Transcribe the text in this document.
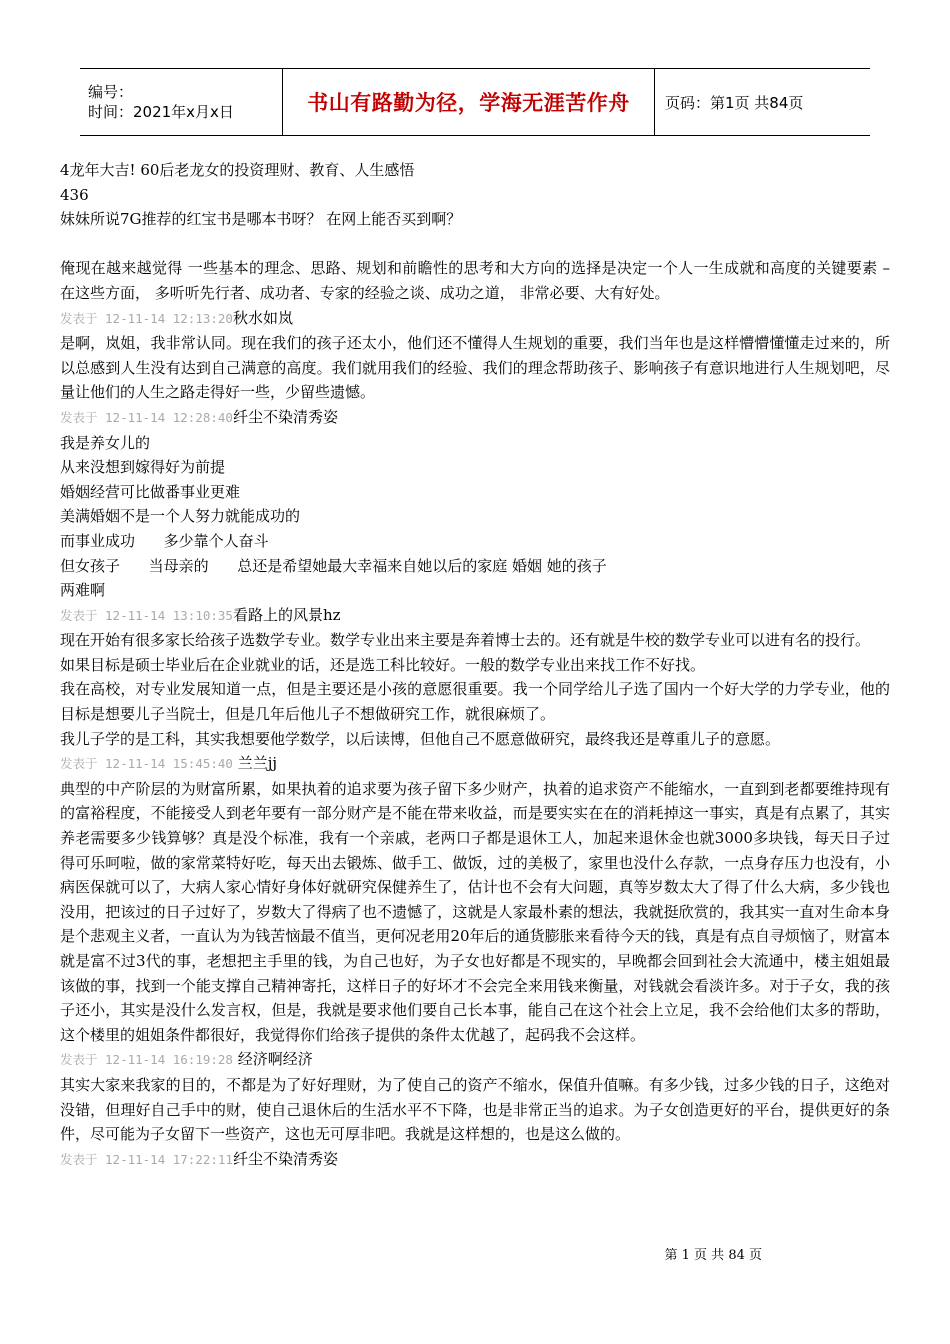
编号：
时间：2021年x月x日	书山有路勤为径，学海无涯苦作舟	页码：第1页 共84页

4龙年大吉! 60后老龙女的投资理财、教育、人生感悟

436

妹妹所说7G推荐的红宝书是哪本书呀？ 在网上能否买到啊？

俺现在越来越觉得 一些基本的理念、思路、规划和前瞻性的思考和大方向的选择是决定一个人一生成就和高度的关键要素 – 在这些方面， 多听听先行者、成功者、专家的经验之谈、成功之道， 非常必要、大有好处。

发表于 12-11-14 12:13:20秋水如岚

是啊，岚姐，我非常认同。现在我们的孩子还太小，他们还不懂得人生规划的重要，我们当年也是这样懵懵懂懂走过来的，所以总感到人生没有达到自己满意的高度。我们就用我们的经验、我们的理念帮助孩子、影响孩子有意识地进行人生规划吧，尽量让他们的人生之路走得好一些，少留些遗憾。

发表于 12-11-14 12:28:40纤尘不染清秀姿

我是养女儿的

从来没想到嫁得好为前提

婚姻经营可比做番事业更难

美满婚姻不是一个人努力就能成功的

而事业成功      多少靠个人奋斗

但女孩子      当母亲的      总还是希望她最大幸福来自她以后的家庭 婚姻 她的孩子

两难啊

发表于 12-11-14 13:10:35看路上的风景hz

现在开始有很多家长给孩子选数学专业。数学专业出来主要是奔着博士去的。还有就是牛校的数学专业可以进有名的投行。

如果目标是硕士毕业后在企业就业的话，还是选工科比较好。一般的数学专业出来找工作不好找。

我在高校，对专业发展知道一点，但是主要还是小孩的意愿很重要。我一个同学给儿子选了国内一个好大学的力学专业，他的目标是想要儿子当院士，但是几年后他儿子不想做研究工作，就很麻烦了。

我儿子学的是工科，其实我想要他学数学，以后读博，但他自己不愿意做研究，最终我还是尊重儿子的意愿。

发表于 12-11-14 15:45:40 兰兰jj

典型的中产阶层的为财富所累，如果执着的追求要为孩子留下多少财产，执着的追求资产不能缩水，一直到到老都要维持现有的富裕程度，不能接受人到老年要有一部分财产是不能在带来收益，而是要实实在在的消耗掉这一事实，真是有点累了，其实养老需要多少钱算够？真是没个标准，我有一个亲戚，老两口子都是退休工人，加起来退休金也就3000多块钱，每天日子过得可乐呵啦，做的家常菜特好吃，每天出去锻炼、做手工、做饭，过的美极了，家里也没什么存款，一点身存压力也没有，小病医保就可以了，大病人家心情好身体好就研究保健养生了，估计也不会有大问题，真等岁数太大了得了什么大病，多少钱也没用，把该过的日子过好了，岁数大了得病了也不遗憾了，这就是人家最朴素的想法，我就挺欣赏的，我其实一直对生命本身是个悲观主义者，一直认为为钱苦恼最不值当，更何况老用20年后的通货膨胀来看待今天的钱，真是有点自寻烦恼了，财富本就是富不过3代的事，老想把主手里的钱，为自己也好，为子女也好都是不现实的，早晚都会回到社会大流通中，楼主姐姐最该做的事，找到一个能支撑自己精神寄托，这样日子的好坏才不会完全来用钱来衡量，对钱就会看淡许多。对于子女，我的孩子还小，其实是没什么发言权，但是，我就是要求他们要自己长本事，能自己在这个社会上立足，我不会给他们太多的帮助，这个楼里的姐姐条件都很好，我觉得你们给孩子提供的条件太优越了，起码我不会这样。

发表于 12-11-14 16:19:28 经济啊经济

其实大家来我家的目的，不都是为了好好理财，为了使自己的资产不缩水，保值升值嘛。有多少钱，过多少钱的日子，这绝对没错，但理好自己手中的财，使自己退休后的生活水平不下降，也是非常正当的追求。为子女创造更好的平台，提供更好的条件，尽可能为子女留下一些资产，这也无可厚非吧。我就是这样想的，也是这么做的。

发表于 12-11-14 17:22:11纤尘不染清秀姿

第 1 页 共 84 页
